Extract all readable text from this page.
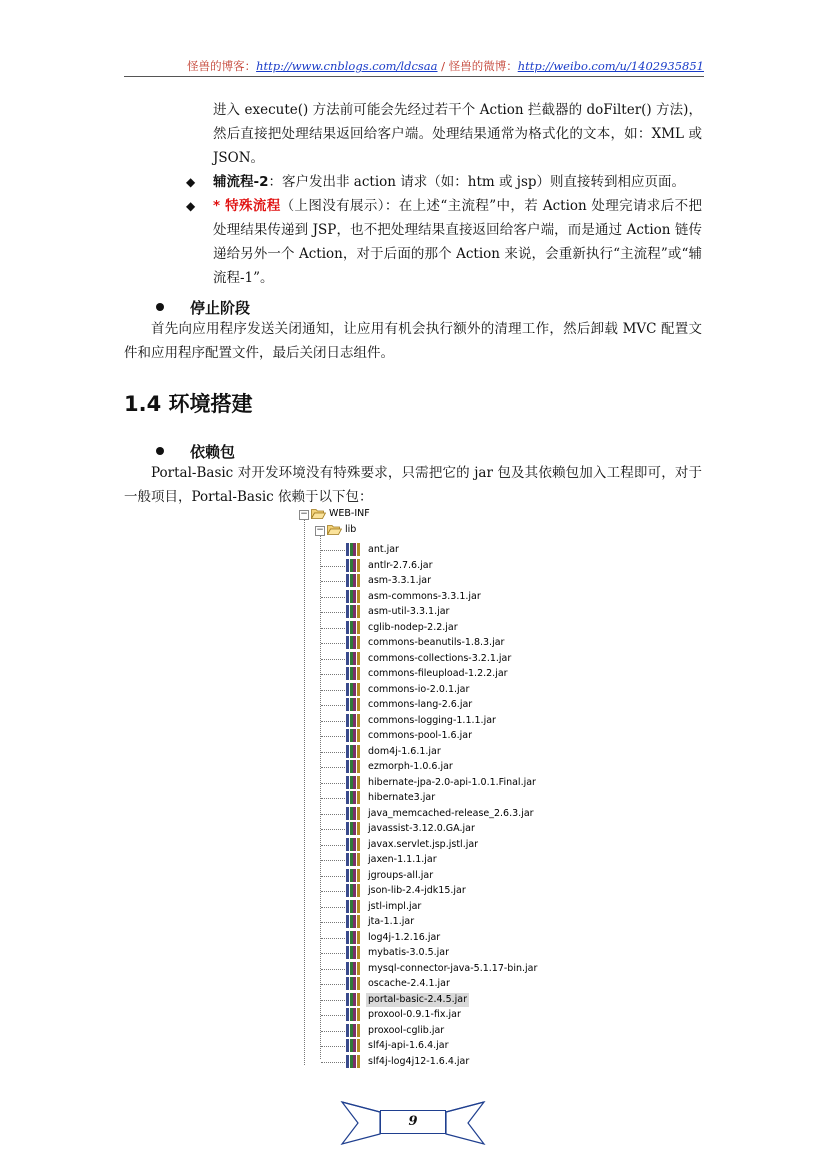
怪兽的博客：http://www.cnblogs.com/ldcsaa / 怪兽的微博：http://weibo.com/u/1402935851
进入 execute() 方法前可能会先经过若干个 Action 拦截器的 doFilter() 方法)，然后直接把处理结果返回给客户端。处理结果通常为格式化的文本，如：XML 或 JSON。
◆	辅流程-2：客户发出非 action 请求（如：htm 或 jsp）则直接转到相应页面。
◆	* 特殊流程（上图没有展示）：在上述“主流程”中，若 Action 处理完请求后不把处理结果传递到 JSP，也不把处理结果直接返回给客户端，而是通过 Action 链传递给另外一个 Action，对于后面的那个 Action 来说，会重新执行“主流程”或“辅流程-1”。
停止阶段
首先向应用程序发送关闭通知，让应用有机会执行额外的清理工作，然后卸载 MVC 配置文件和应用程序配置文件，最后关闭日志组件。
1.4 环境搭建
依赖包
Portal-Basic 对开发环境没有特殊要求，只需把它的 jar 包及其依赖包加入工程即可，对于一般项目，Portal-Basic 依赖于以下包：
− WEB-INF
− lib
ant.jar
antlr-2.7.6.jar
asm-3.3.1.jar
asm-commons-3.3.1.jar
asm-util-3.3.1.jar
cglib-nodep-2.2.jar
commons-beanutils-1.8.3.jar
commons-collections-3.2.1.jar
commons-fileupload-1.2.2.jar
commons-io-2.0.1.jar
commons-lang-2.6.jar
commons-logging-1.1.1.jar
commons-pool-1.6.jar
dom4j-1.6.1.jar
ezmorph-1.0.6.jar
hibernate-jpa-2.0-api-1.0.1.Final.jar
hibernate3.jar
java_memcached-release_2.6.3.jar
javassist-3.12.0.GA.jar
javax.servlet.jsp.jstl.jar
jaxen-1.1.1.jar
jgroups-all.jar
json-lib-2.4-jdk15.jar
jstl-impl.jar
jta-1.1.jar
log4j-1.2.16.jar
mybatis-3.0.5.jar
mysql-connector-java-5.1.17-bin.jar
oscache-2.4.1.jar
portal-basic-2.4.5.jar
proxool-0.9.1-fix.jar
proxool-cglib.jar
slf4j-api-1.6.4.jar
slf4j-log4j12-1.6.4.jar
9
